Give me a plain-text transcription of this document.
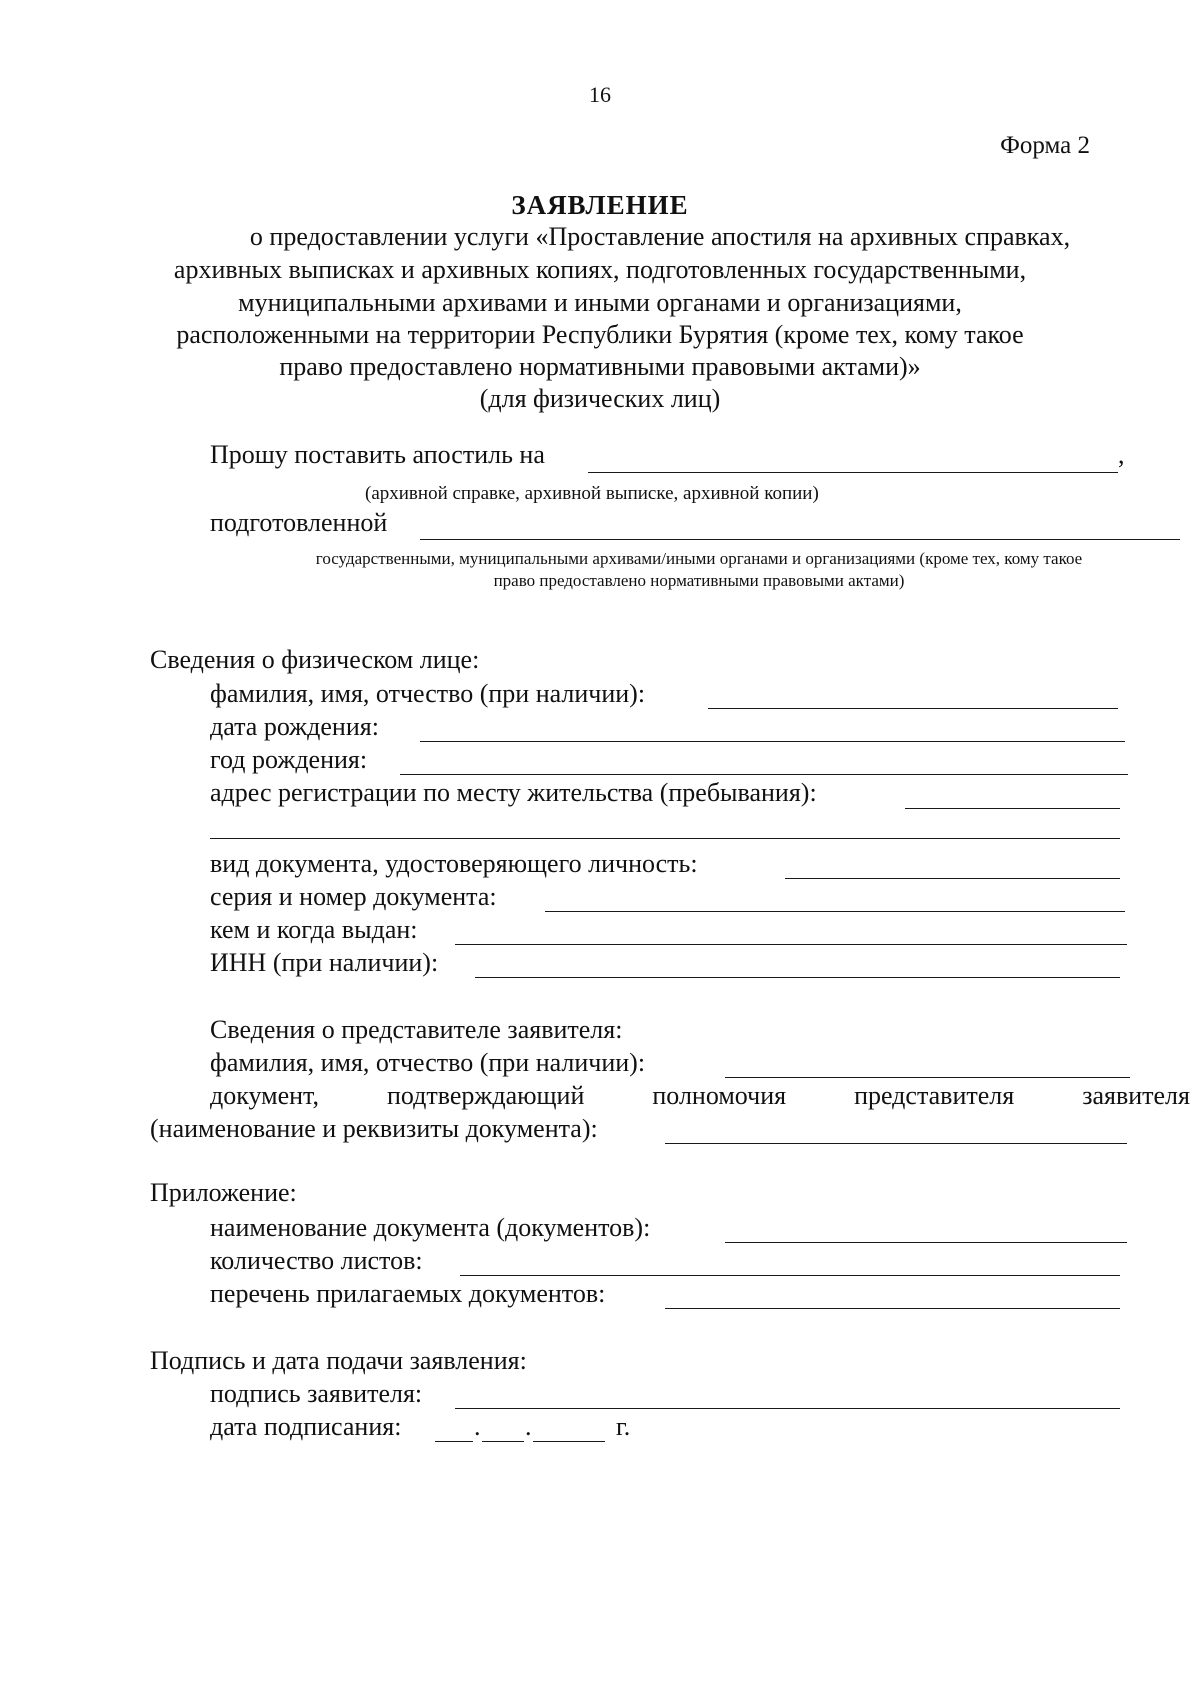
16
Форма 2
ЗАЯВЛЕНИЕ
о предоставлении услуги «Проставление апостиля на архивных справках,
архивных выписках и архивных копиях, подготовленных государственными,
муниципальными архивами и иными органами и организациями,
расположенными на территории Республики Бурятия (кроме тех, кому такое
право предоставлено нормативными правовыми актами)»
(для физических лиц)
Прошу поставить апостиль на	,
(архивной справке, архивной выписке, архивной копии)
подготовленной
государственными, муниципальными архивами/иными органами и организациями (кроме тех, кому такое
право предоставлено нормативными правовыми актами)
Сведения о физическом лице:
фамилия, имя, отчество (при наличии):
дата рождения:
год рождения:
адрес регистрации по месту жительства (пребывания):
вид документа, удостоверяющего личность:
серия и номер документа:
кем и когда выдан:
ИНН (при наличии):
Сведения о представителе заявителя:
фамилия, имя, отчество (при наличии):
документ,	подтверждающий	полномочия	представителя	заявителя
(наименование и реквизиты документа):
Приложение:
наименование документа (документов):
количество листов:
перечень прилагаемых документов:
Подпись и дата подачи заявления:
подпись заявителя:
дата подписания:	. .	г.
